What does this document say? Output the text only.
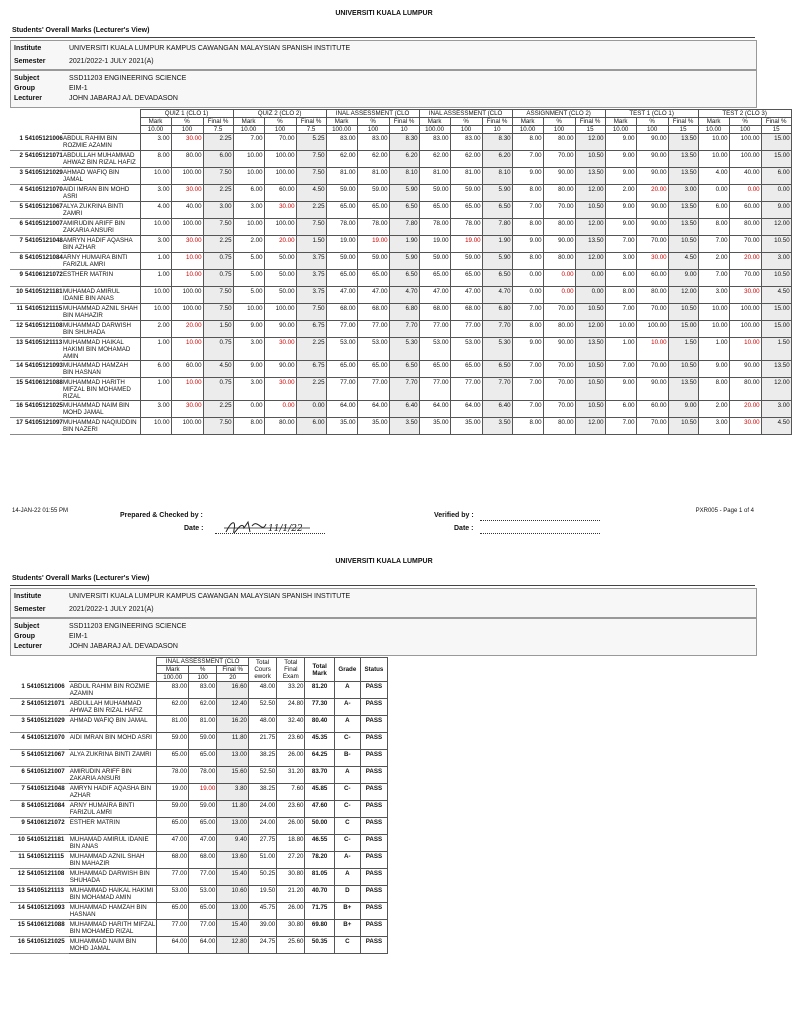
UNIVERSITI KUALA LUMPUR
Students' Overall Marks (Lecturer's View)
Institute	UNIVERSITI KUALA LUMPUR KAMPUS CAWANGAN MALAYSIAN SPANISH INSTITUTE
Semester	2021/2022-1 JULY 2021(A)
Subject	SSD11203 ENGINEERING SCIENCE
Group	EIM-1
Lecturer	JOHN JABARAJ A/L DEVADASON
			QUIZ 1 (CLO 1)			QUIZ 2 (CLO 2)			INAL ASSESSMENT (CLO			INAL ASSESSMENT (CLO			ASSIGNMENT (CLO 2)			TEST 1 (CLO 1)			TEST 2 (CLO 3)		
			Mark	%	Final %	Mark	%	Final %	Mark	%	Final %	Mark	%	Final %	Mark	%	Final %	Mark	%	Final %	Mark	%	Final %
			10.00	100	7.5	10.00	100	7.5	100.00	100	10	100.00	100	10	10.00	100	15	10.00	100	15	10.00	100	15
1	54105121006	ABDUL RAHIM BIN ROZMIE AZAMIN	3.00	30.00	2.25	7.00	70.00	5.25	83.00	83.00	8.30	83.00	83.00	8.30	8.00	80.00	12.00	9.00	90.00	13.50	10.00	100.00	15.00
2	54105121071	ABDULLAH MUHAMMAD AHWAZ BIN RIZAL HAFIZ	8.00	80.00	6.00	10.00	100.00	7.50	62.00	62.00	6.20	62.00	62.00	6.20	7.00	70.00	10.50	9.00	90.00	13.50	10.00	100.00	15.00
3	54105121029	AHMAD WAFIQ BIN JAMAL	10.00	100.00	7.50	10.00	100.00	7.50	81.00	81.00	8.10	81.00	81.00	8.10	9.00	90.00	13.50	9.00	90.00	13.50	4.00	40.00	6.00
4	54105121070	AIDI IMRAN BIN MOHD ASRI	3.00	30.00	2.25	6.00	60.00	4.50	59.00	59.00	5.90	59.00	59.00	5.90	8.00	80.00	12.00	2.00	20.00	3.00	0.00	0.00	0.00
5	54105121067	ALYA ZUKRINA BINTI ZAMRI	4.00	40.00	3.00	3.00	30.00	2.25	65.00	65.00	6.50	65.00	65.00	6.50	7.00	70.00	10.50	9.00	90.00	13.50	6.00	60.00	9.00
6	54105121007	AMIRUDIN ARIFF BIN ZAKARIA ANSURI	10.00	100.00	7.50	10.00	100.00	7.50	78.00	78.00	7.80	78.00	78.00	7.80	8.00	80.00	12.00	9.00	90.00	13.50	8.00	80.00	12.00
7	54105121048	AMRYN HADIF AQASHA BIN AZHAR	3.00	30.00	2.25	2.00	20.00	1.50	19.00	19.00	1.90	19.00	19.00	1.90	9.00	90.00	13.50	7.00	70.00	10.50	7.00	70.00	10.50
8	54105121084	ARNY HUMAIRA BINTI FARIZUL AMRI	1.00	10.00	0.75	5.00	50.00	3.75	59.00	59.00	5.90	59.00	59.00	5.90	8.00	80.00	12.00	3.00	30.00	4.50	2.00	20.00	3.00
9	54106121072	ESTHER MATRIN	1.00	10.00	0.75	5.00	50.00	3.75	65.00	65.00	6.50	65.00	65.00	6.50	0.00	0.00	0.00	6.00	60.00	9.00	7.00	70.00	10.50
10	54105121181	MUHAMAD AMIRUL IDANIE BIN ANAS	10.00	100.00	7.50	5.00	50.00	3.75	47.00	47.00	4.70	47.00	47.00	4.70	0.00	0.00	0.00	8.00	80.00	12.00	3.00	30.00	4.50
11	54105121115	MUHAMMAD AZNIL SHAH BIN MAHAZIR	10.00	100.00	7.50	10.00	100.00	7.50	68.00	68.00	6.80	68.00	68.00	6.80	7.00	70.00	10.50	7.00	70.00	10.50	10.00	100.00	15.00
12	54105121108	MUHAMMAD DARWISH BIN SHUHADA	2.00	20.00	1.50	9.00	90.00	6.75	77.00	77.00	7.70	77.00	77.00	7.70	8.00	80.00	12.00	10.00	100.00	15.00	10.00	100.00	15.00
13	54105121113	MUHAMMAD HAIKAL HAKIMI BIN MOHAMAD AMIN	1.00	10.00	0.75	3.00	30.00	2.25	53.00	53.00	5.30	53.00	53.00	5.30	9.00	90.00	13.50	1.00	10.00	1.50	1.00	10.00	1.50
14	54105121093	MUHAMMAD HAMZAH BIN HASNAN	6.00	60.00	4.50	9.00	90.00	6.75	65.00	65.00	6.50	65.00	65.00	6.50	7.00	70.00	10.50	7.00	70.00	10.50	9.00	90.00	13.50
15	54106121088	MUHAMMAD HARITH MIFZAL BIN MOHAMED RIZAL	1.00	10.00	0.75	3.00	30.00	2.25	77.00	77.00	7.70	77.00	77.00	7.70	7.00	70.00	10.50	9.00	90.00	13.50	8.00	80.00	12.00
16	54105121025	MUHAMMAD NAIM BIN MOHD JAMAL	3.00	30.00	2.25	0.00	0.00	0.00	64.00	64.00	6.40	64.00	64.00	6.40	7.00	70.00	10.50	6.00	60.00	9.00	2.00	20.00	3.00
17	54105121097	MUHAMMAD NAQIUDDIN BIN NAZERI	10.00	100.00	7.50	8.00	80.00	6.00	35.00	35.00	3.50	35.00	35.00	3.50	8.00	80.00	12.00	7.00	70.00	10.50	3.00	30.00	4.50
14-JAN-22 01:55 PM
Prepared & Checked by :
Date :	11/1/22
Verified by :
Date :
PXR005 - Page 1 of 4
UNIVERSITI KUALA LUMPUR
Students' Overall Marks (Lecturer's View)
Institute	UNIVERSITI KUALA LUMPUR KAMPUS CAWANGAN MALAYSIAN SPANISH INSTITUTE
Semester	2021/2022-1 JULY 2021(A)
Subject	SSD11203 ENGINEERING SCIENCE
Group	EIM-1
Lecturer	JOHN JABARAJ A/L DEVADASON
			INAL ASSESSMENT (CLO			Total Cours ework	Total Final Exam	Total Mark	Grade	Status
			Mark	%	Final %					
			100.00	100	20					
1	54105121006	ABDUL RAHIM BIN ROZMIE AZAMIN	83.00	83.00	16.60	48.00	33.20	81.20	A	PASS
2	54105121071	ABDULLAH MUHAMMAD AHWAZ BIN RIZAL HAFIZ	62.00	62.00	12.40	52.50	24.80	77.30	A-	PASS
3	54105121029	AHMAD WAFIQ BIN JAMAL	81.00	81.00	16.20	48.00	32.40	80.40	A	PASS
4	54105121070	AIDI IMRAN BIN MOHD ASRI	59.00	59.00	11.80	21.75	23.60	45.35	C-	PASS
5	54105121067	ALYA ZUKRINA BINTI ZAMRI	65.00	65.00	13.00	38.25	26.00	64.25	B-	PASS
6	54105121007	AMIRUDIN ARIFF BIN ZAKARIA ANSURI	78.00	78.00	15.60	52.50	31.20	83.70	A	PASS
7	54105121048	AMRYN HADIF AQASHA BIN AZHAR	19.00	19.00	3.80	38.25	7.60	45.85	C-	PASS
8	54105121084	ARNY HUMAIRA BINTI FARIZUL AMRI	59.00	59.00	11.80	24.00	23.60	47.60	C-	PASS
9	54106121072	ESTHER MATRIN	65.00	65.00	13.00	24.00	26.00	50.00	C	PASS
10	54105121181	MUHAMAD AMIRUL IDANIE BIN ANAS	47.00	47.00	9.40	27.75	18.80	46.55	C-	PASS
11	54105121115	MUHAMMAD AZNIL SHAH BIN MAHAZIR	68.00	68.00	13.60	51.00	27.20	78.20	A-	PASS
12	54105121108	MUHAMMAD DARWISH BIN SHUHADA	77.00	77.00	15.40	50.25	30.80	81.05	A	PASS
13	54105121113	MUHAMMAD HAIKAL HAKIMI BIN MOHAMAD AMIN	53.00	53.00	10.60	19.50	21.20	40.70	D	PASS
14	54105121093	MUHAMMAD HAMZAH BIN HASNAN	65.00	65.00	13.00	45.75	26.00	71.75	B+	PASS
15	54106121088	MUHAMMAD HARITH MIFZAL BIN MOHAMED RIZAL	77.00	77.00	15.40	39.00	30.80	69.80	B+	PASS
16	54105121025	MUHAMMAD NAIM BIN MOHD JAMAL	64.00	64.00	12.80	24.75	25.60	50.35	C	PASS
